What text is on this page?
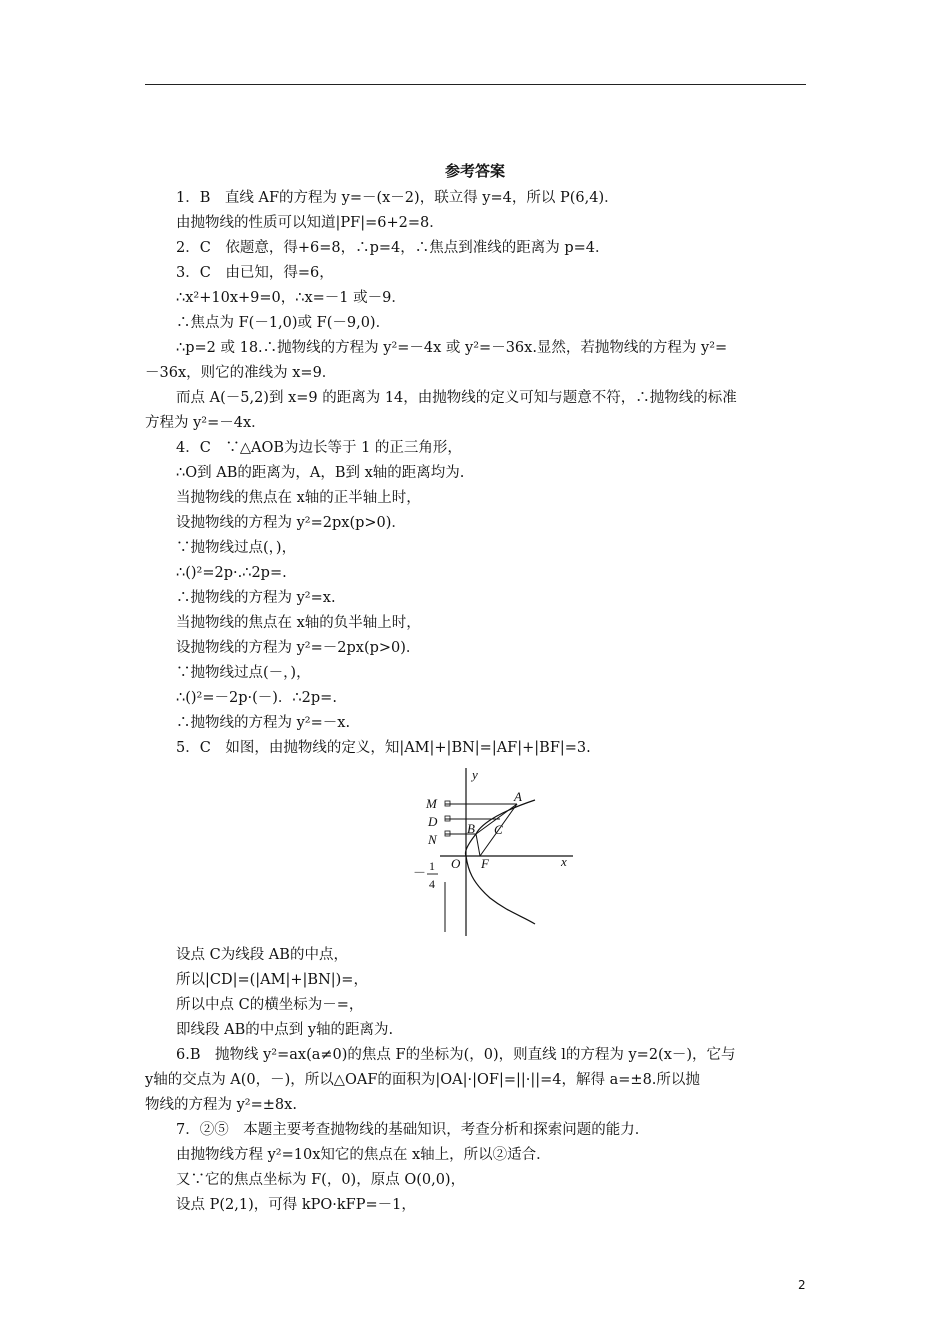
参考答案
1．B　直线 AF的方程为 y=－(x－2)，联立得 y=4，所以 P(6,4)．
由抛物线的性质可以知道|PF|=6+2=8．
2．C　依题意，得+6=8，∴p=4，∴焦点到准线的距离为 p=4．
3．C　由已知，得=6，
∴x²+10x+9=0，∴x=－1 或－9．
∴焦点为 F(－1,0)或 F(－9,0)．
∴p=2 或 18.∴抛物线的方程为 y²=－4x 或 y²=－36x.显然，若抛物线的方程为 y²=
－36x，则它的准线为 x=9．
而点 A(－5,2)到 x=9 的距离为 14，由抛物线的定义可知与题意不符，∴抛物线的标准
方程为 y²=－4x．
4．C　∵△AOB为边长等于 1 的正三角形，
∴O到 AB的距离为，A，B到 x轴的距离均为.
当抛物线的焦点在 x轴的正半轴上时，
设抛物线的方程为 y²=2px(p>0)．
∵抛物线过点(，)，
∴()²=2p·.∴2p=.
∴抛物线的方程为 y²=x.
当抛物线的焦点在 x轴的负半轴上时，
设抛物线的方程为 y²=－2px(p>0)．
∵抛物线过点(－，)，
∴()²=－2p·(－)．∴2p=.
∴抛物线的方程为 y²=－x.
5．C　如图，由抛物线的定义，知|AM|+|BN|=|AF|+|BF|=3.
y
x
A
M
D B C
N
O F
－ 1
4
设点 C为线段 AB的中点，
所以|CD|=(|AM|+|BN|)=，
所以中点 C的横坐标为－=，
即线段 AB的中点到 y轴的距离为.
6.B　抛物线 y²=ax(a≠0)的焦点 F的坐标为(，0)，则直线 l的方程为 y=2(x－)，它与
y轴的交点为 A(0，－)，所以△OAF的面积为|OA|·|OF|=||·||=4，解得 a=±8.所以抛
物线的方程为 y²=±8x.
7．②⑤　本题主要考查抛物线的基础知识，考查分析和探索问题的能力．
由抛物线方程 y²=10x知它的焦点在 x轴上，所以②适合．
又∵它的焦点坐标为 F(，0)，原点 O(0,0)，
设点 P(2,1)，可得 kPO·kFP=－1，
2
